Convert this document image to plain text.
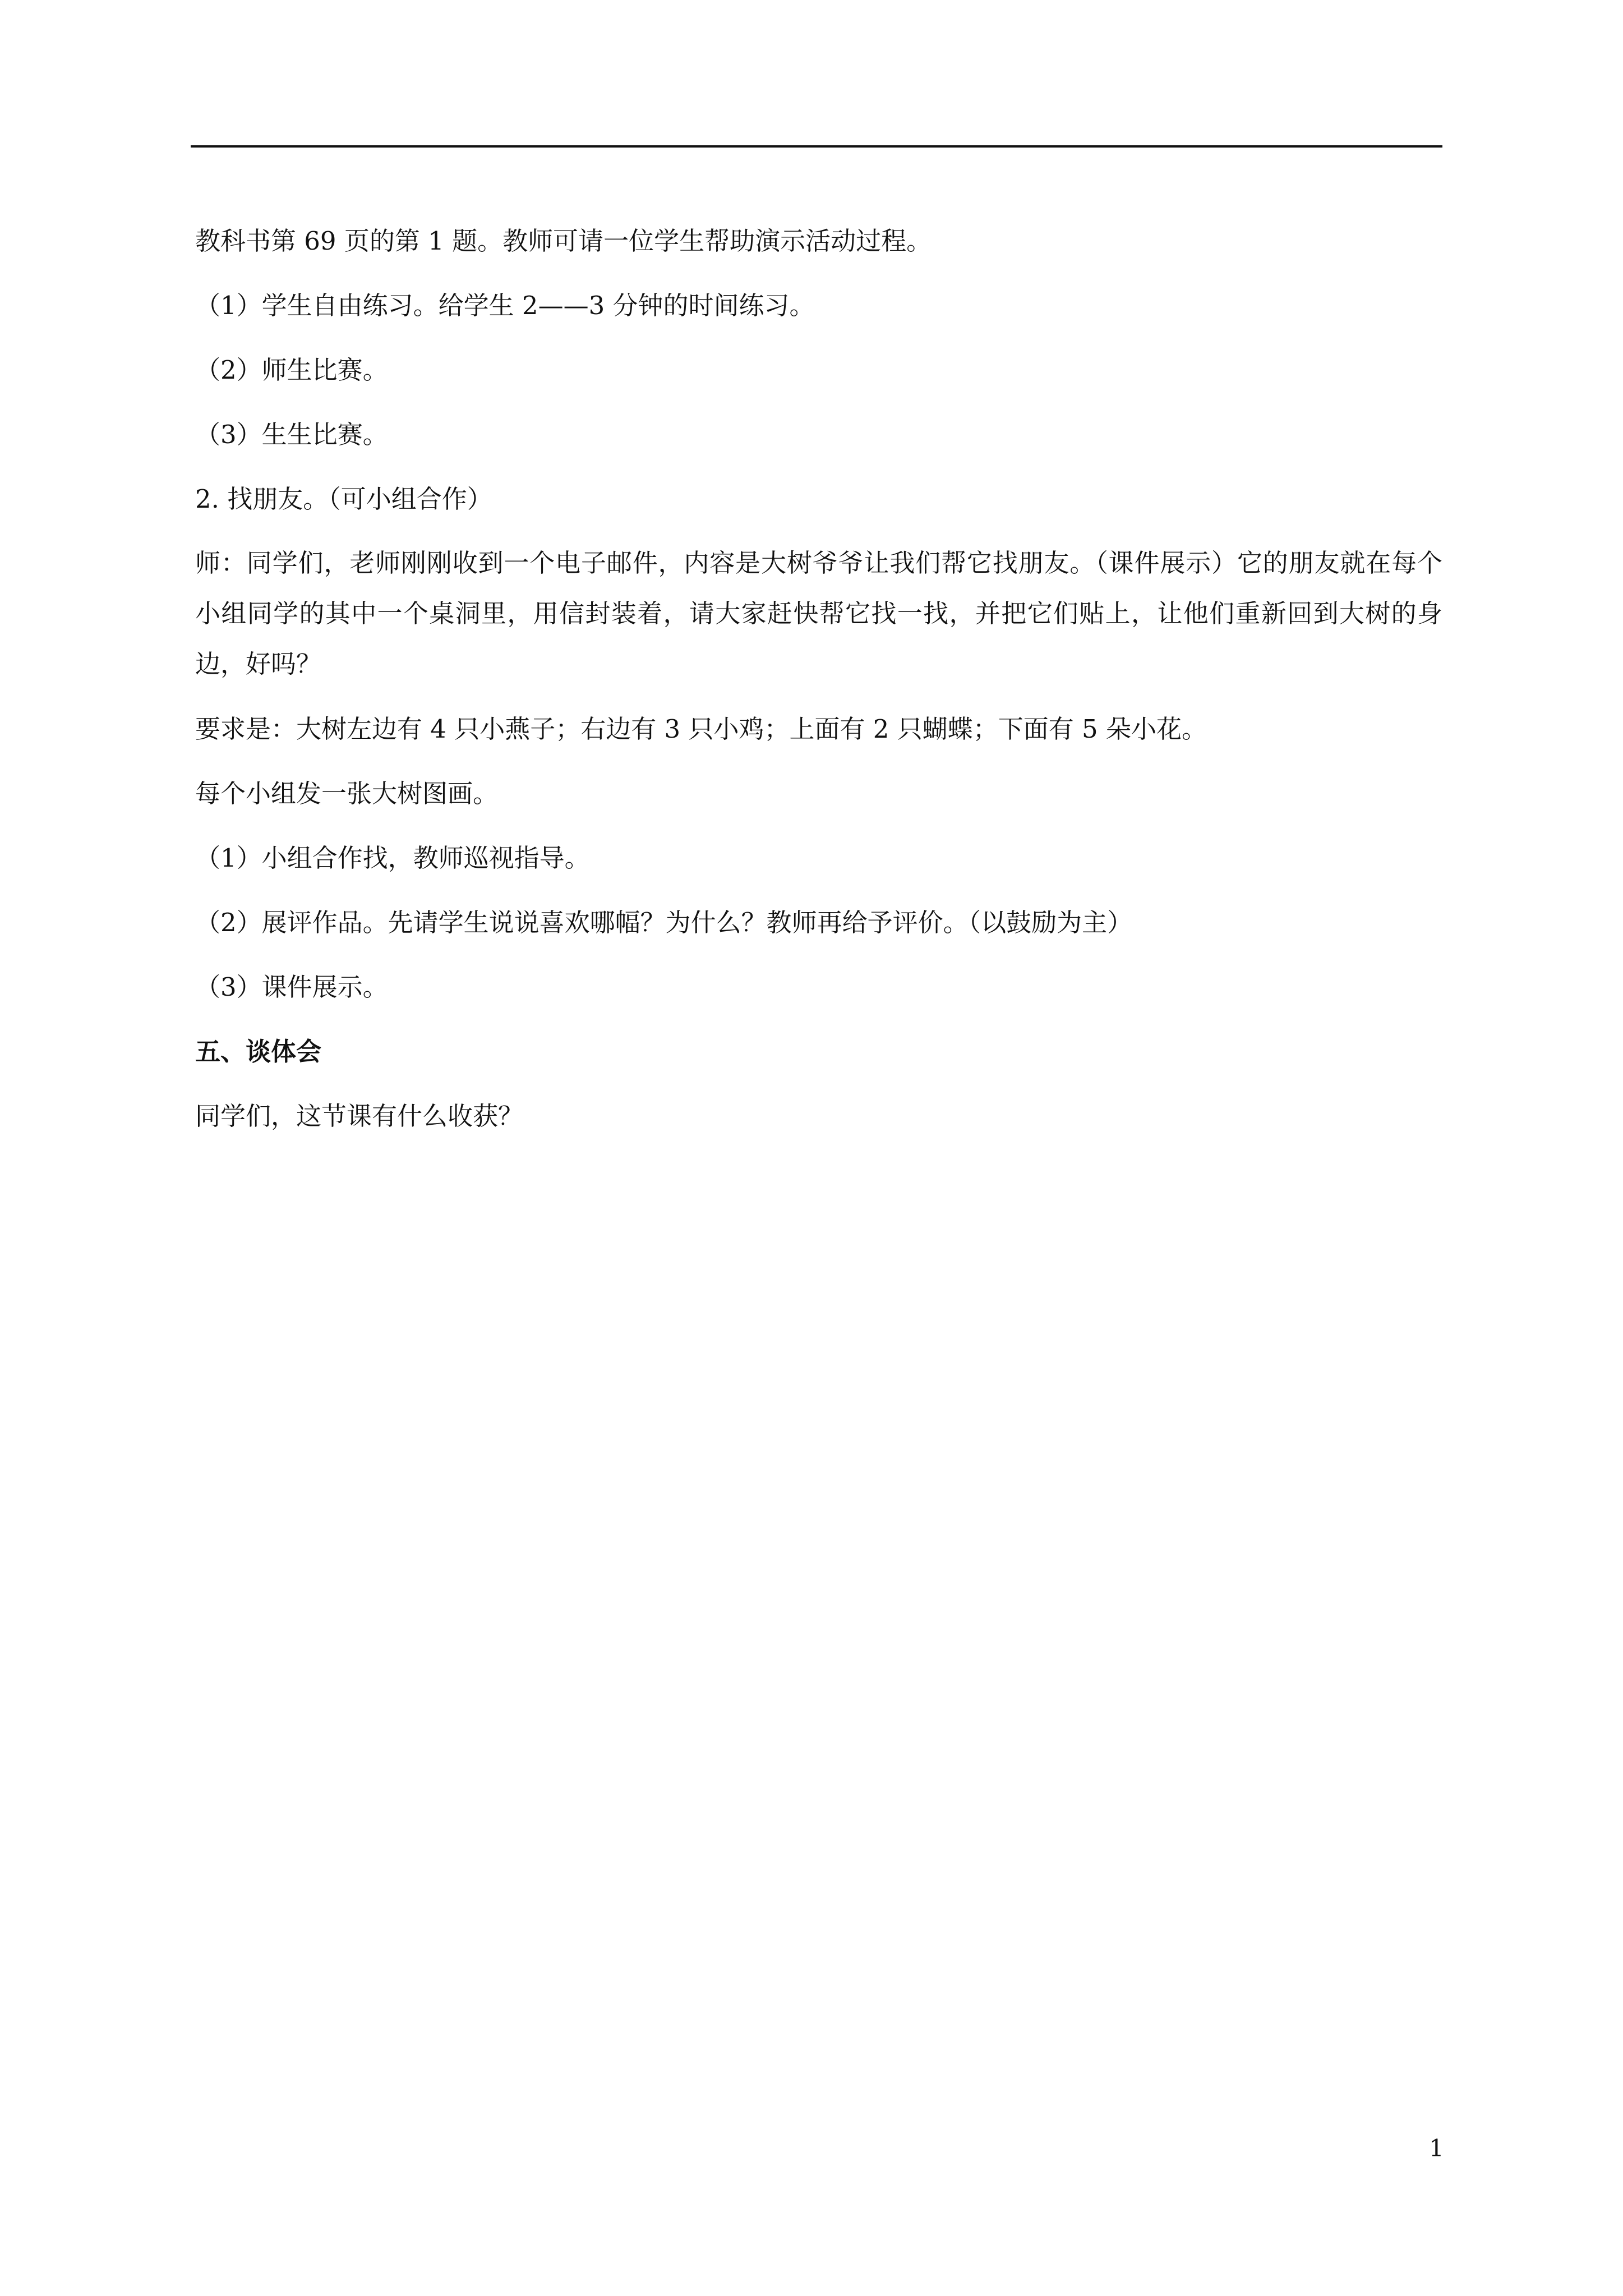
教科书第 69 页的第 1 题。教师可请一位学生帮助演示活动过程。

（1）学生自由练习。给学生 2——3 分钟的时间练习。

（2）师生比赛。

（3）生生比赛。

2. 找朋友。（可小组合作）

师：同学们，老师刚刚收到一个电子邮件，内容是大树爷爷让我们帮它找朋友。（课件展示）它的朋友就在每个小组同学的其中一个桌洞里，用信封装着，请大家赶快帮它找一找，并把它们贴上，让他们重新回到大树的身边，好吗？

要求是：大树左边有 4 只小燕子；右边有 3 只小鸡；上面有 2 只蝴蝶；下面有 5 朵小花。

每个小组发一张大树图画。

（1）小组合作找，教师巡视指导。

（2）展评作品。先请学生说说喜欢哪幅？为什么？教师再给予评价。（以鼓励为主）

（3）课件展示。

五、谈体会

同学们，这节课有什么收获？

1
